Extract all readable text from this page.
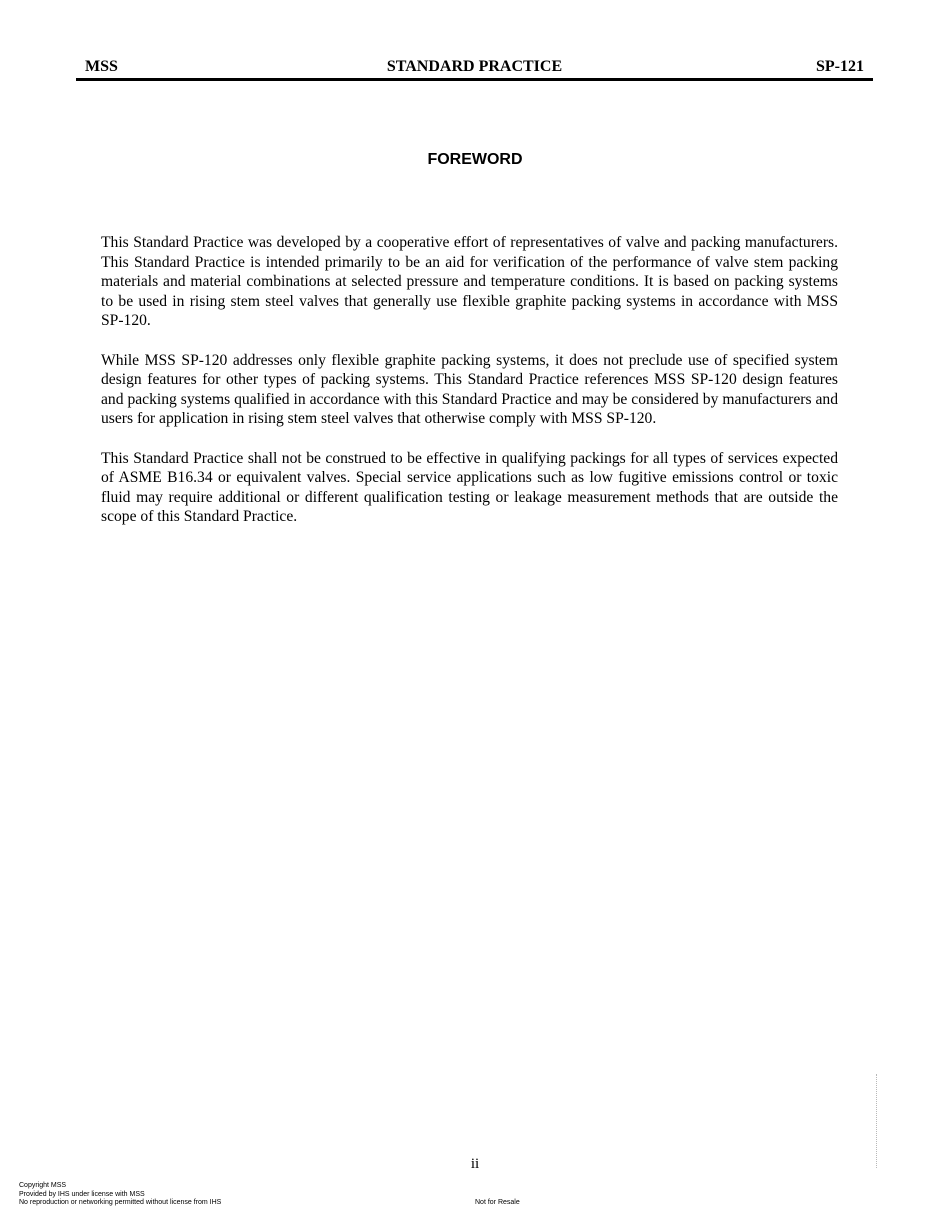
MSS	STANDARD PRACTICE	SP-121
FOREWORD

This Standard Practice was developed by a cooperative effort of representatives of valve and packing manufacturers. This Standard Practice is intended primarily to be an aid for verification of the performance of valve stem packing materials and material combinations at selected pressure and temperature conditions. It is based on packing systems to be used in rising stem steel valves that generally use flexible graphite packing systems in accordance with MSS SP-120.

While MSS SP-120 addresses only flexible graphite packing systems, it does not preclude use of specified system design features for other types of packing systems. This Standard Practice references MSS SP-120 design features and packing systems qualified in accordance with this Standard Practice and may be considered by manufacturers and users for application in rising stem steel valves that otherwise comply with MSS SP-120.

This Standard Practice shall not be construed to be effective in qualifying packings for all types of services expected of ASME B16.34 or equivalent valves. Special service applications such as low fugitive emissions control or toxic fluid may require additional or different qualification testing or leakage measurement methods that are outside the scope of this Standard Practice.

ii
Copyright MSS
Provided by IHS under license with MSS
No reproduction or networking permitted without license from IHS	Not for Resale
